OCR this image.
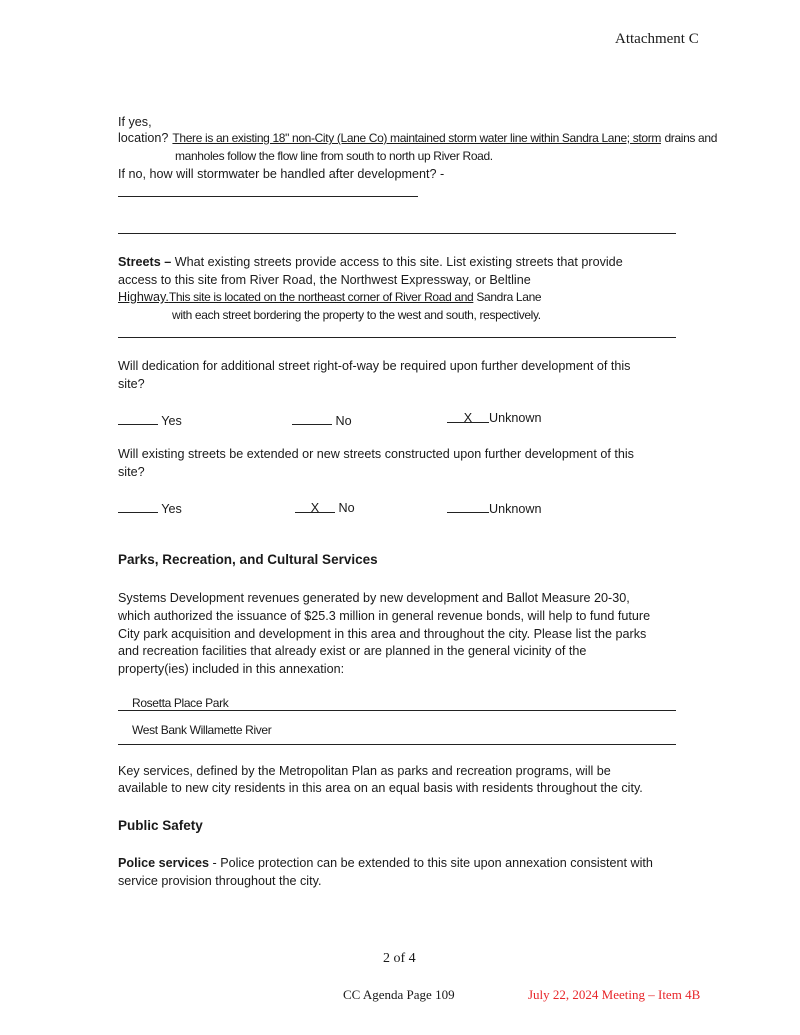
Attachment C
If yes,
location? There is an existing 18" non-City (Lane Co) maintained storm water line within Sandra Lane; storm drains and
manholes follow the flow line from south to north up River Road.
If no, how will stormwater be handled after development? -
Streets – What existing streets provide access to this site. List existing streets that provide
access to this site from River Road, the Northwest Expressway, or Beltline
Highway.This site is located on the northeast corner of River Road and Sandra Lane
with each street bordering the property to the west and south, respectively.
Will dedication for additional street right-of-way be required upon further development of this
site?
Yes	No	X Unknown
Will existing streets be extended or new streets constructed upon further development of this
site?
Yes	X No	Unknown
Parks, Recreation, and Cultural Services
Systems Development revenues generated by new development and Ballot Measure 20-30,
which authorized the issuance of $25.3 million in general revenue bonds, will help to fund future
City park acquisition and development in this area and throughout the city. Please list the parks
and recreation facilities that already exist or are planned in the general vicinity of the
property(ies) included in this annexation:
Rosetta Place Park
West Bank Willamette River
Key services, defined by the Metropolitan Plan as parks and recreation programs, will be
available to new city residents in this area on an equal basis with residents throughout the city.
Public Safety
Police services - Police protection can be extended to this site upon annexation consistent with
service provision throughout the city.
2 of 4
CC Agenda Page 109	July 22, 2024 Meeting – Item 4B
